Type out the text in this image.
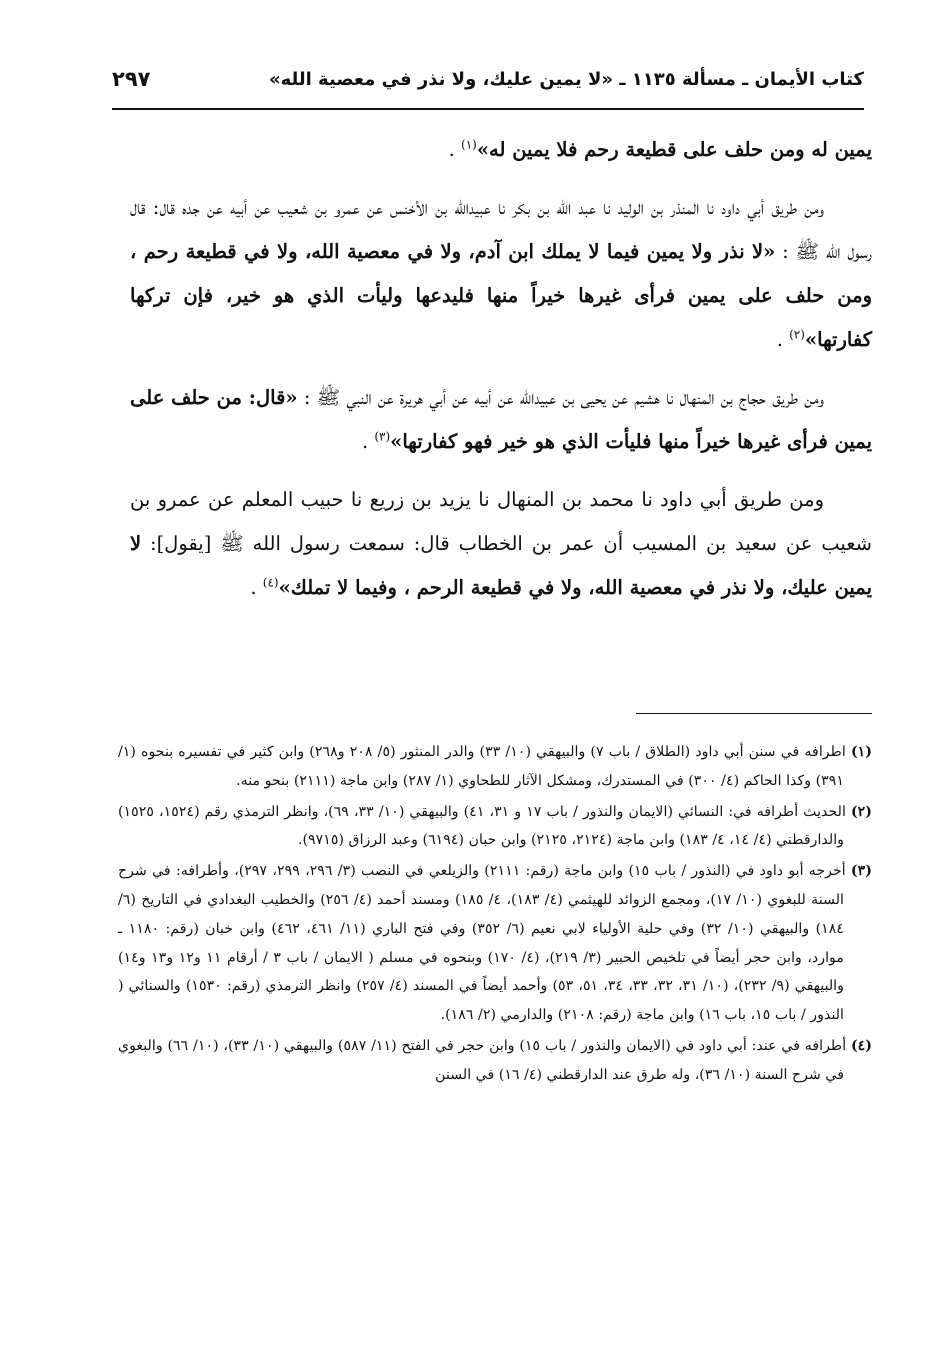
كتاب الأيمان ـ مسألة ١١٣٥ ـ «لا يمين عليك، ولا نذر في معصية الله»
٢٩٧

يمين له ومن حلف على قطيعة رحم فلا يمين له»$^{(١)}$ .

ومن طريق أبي داود نا المنذر بن الوليد نا عبد الله بن بكر نا عبيدالله بن الأخنس عن عمرو بن شعيب عن أبيه عن جده قال: قال رسول الله ﷺ : «لا نذر ولا يمين فيما لا يملك ابن آدم، ولا في معصية الله، ولا في قطيعة رحم ، ومن حلف على يمين فرأى غيرها خيراً منها فليدعها وليأت الذي هو خير، فإن تركها كفارتها»$^{(٢)}$ .

ومن طريق حجاج بن المنهال نا هشيم عن يحيى بن عبيدالله عن أبيه عن أبي هريرة عن النبي ﷺ : «قال: من حلف على يمين فرأى غيرها خيراً منها فليأت الذي هو خير فهو كفارتها»$^{(٣)}$ .

ومن طريق أبي داود نا محمد بن المنهال نا يزيد بن زريع نا حبيب المعلم عن عمرو بن شعيب عن سعيد بن المسيب أن عمر بن الخطاب قال: سمعت رسول الله ﷺ [يقول]: لا يمين عليك، ولا نذر في معصية الله، ولا في قطيعة الرحم ، وفيما لا تملك»$^{(٤)}$ .

(١) اطرافه في سنن أبي داود (الطلاق / باب ٧) والبيهقي (١٠/ ٣٣) والدر المنثور (٥/ ٢٠٨ و٢٦٨) وابن كثير في تفسيره بنحوه (١/ ٣٩١) وكذا الحاكم (٤/ ٣٠٠) في المستدرك، ومشكل الآثار للطحاوي (١/ ٢٨٧) وابن ماجة (٢١١١) بنحو منه.

(٢) الحديث أطرافه في: النسائي (الايمان والنذور / باب ١٧ و ٣١، ٤١) والبيهقي (١٠/ ٣٣، ٦٩)، وانظر الترمذي رقم (١٥٢٤، ١٥٢٥) والدارقطني (٤/ ١٤، ٤/ ١٨٣) وابن ماجة (٢١٢٤، ٢١٢٥) وابن حبان (٦١٩٤) وعبد الرزاق (٩٧١٥).

(٣) أخرجه أبو داود في (النذور / باب ١٥) وابن ماجة (رقم: ٢١١١) والزيلعي في النصب (٣/ ٢٩٦، ٢٩٩، ٢٩٧)، وأطرافه: في شرح السنة للبغوي (١٠/ ١٧)، ومجمع الزوائد للهيثمي (٤/ ١٨٣)، ٤/ ١٨٥) ومسند أحمد (٤/ ٢٥٦) والخطيب البغدادي في التاريخ (٦/ ١٨٤) والبيهقي (١٠/ ٣٢) وفي حلية الأولياء لابي نعيم (٦/ ٣٥٢) وفي فتح الباري (١١/ ٤٦١، ٤٦٢) وابن خبان (رقم: ١١٨٠ ـ موارد، وابن حجر أيضاً في تلخيص الحبير (٣/ ٢١٩)، (٤/ ١٧٠) وبنحوه في مسلم ( الايمان / باب ٣ / أرقام ١١ و١٢ و١٣ و١٤) والبيهقي (٩/ ٢٣٢)، (١٠/ ٣١، ٣٢، ٣٣، ٣٤، ٥١، ٥٣) وأحمد أيضاً في المسند (٤/ ٢٥٧) وانظر الترمذي (رقم: ١٥٣٠) والسنائي ( النذور / باب ١٥، باب ١٦) وابن ماجة (رقم: ٢١٠٨) والدارمي (٢/ ١٨٦).

(٤) أطرافه في عند: أبي داود في (الايمان والنذور / باب ١٥) وابن حجر في الفتح (١١/ ٥٨٧) والبيهقي (١٠/ ٣٣)، (١٠/ ٦٦) والبغوي في شرح السنة (١٠/ ٣٦)، وله طرق عند الدارقطني (٤/ ١٦) في السنن
